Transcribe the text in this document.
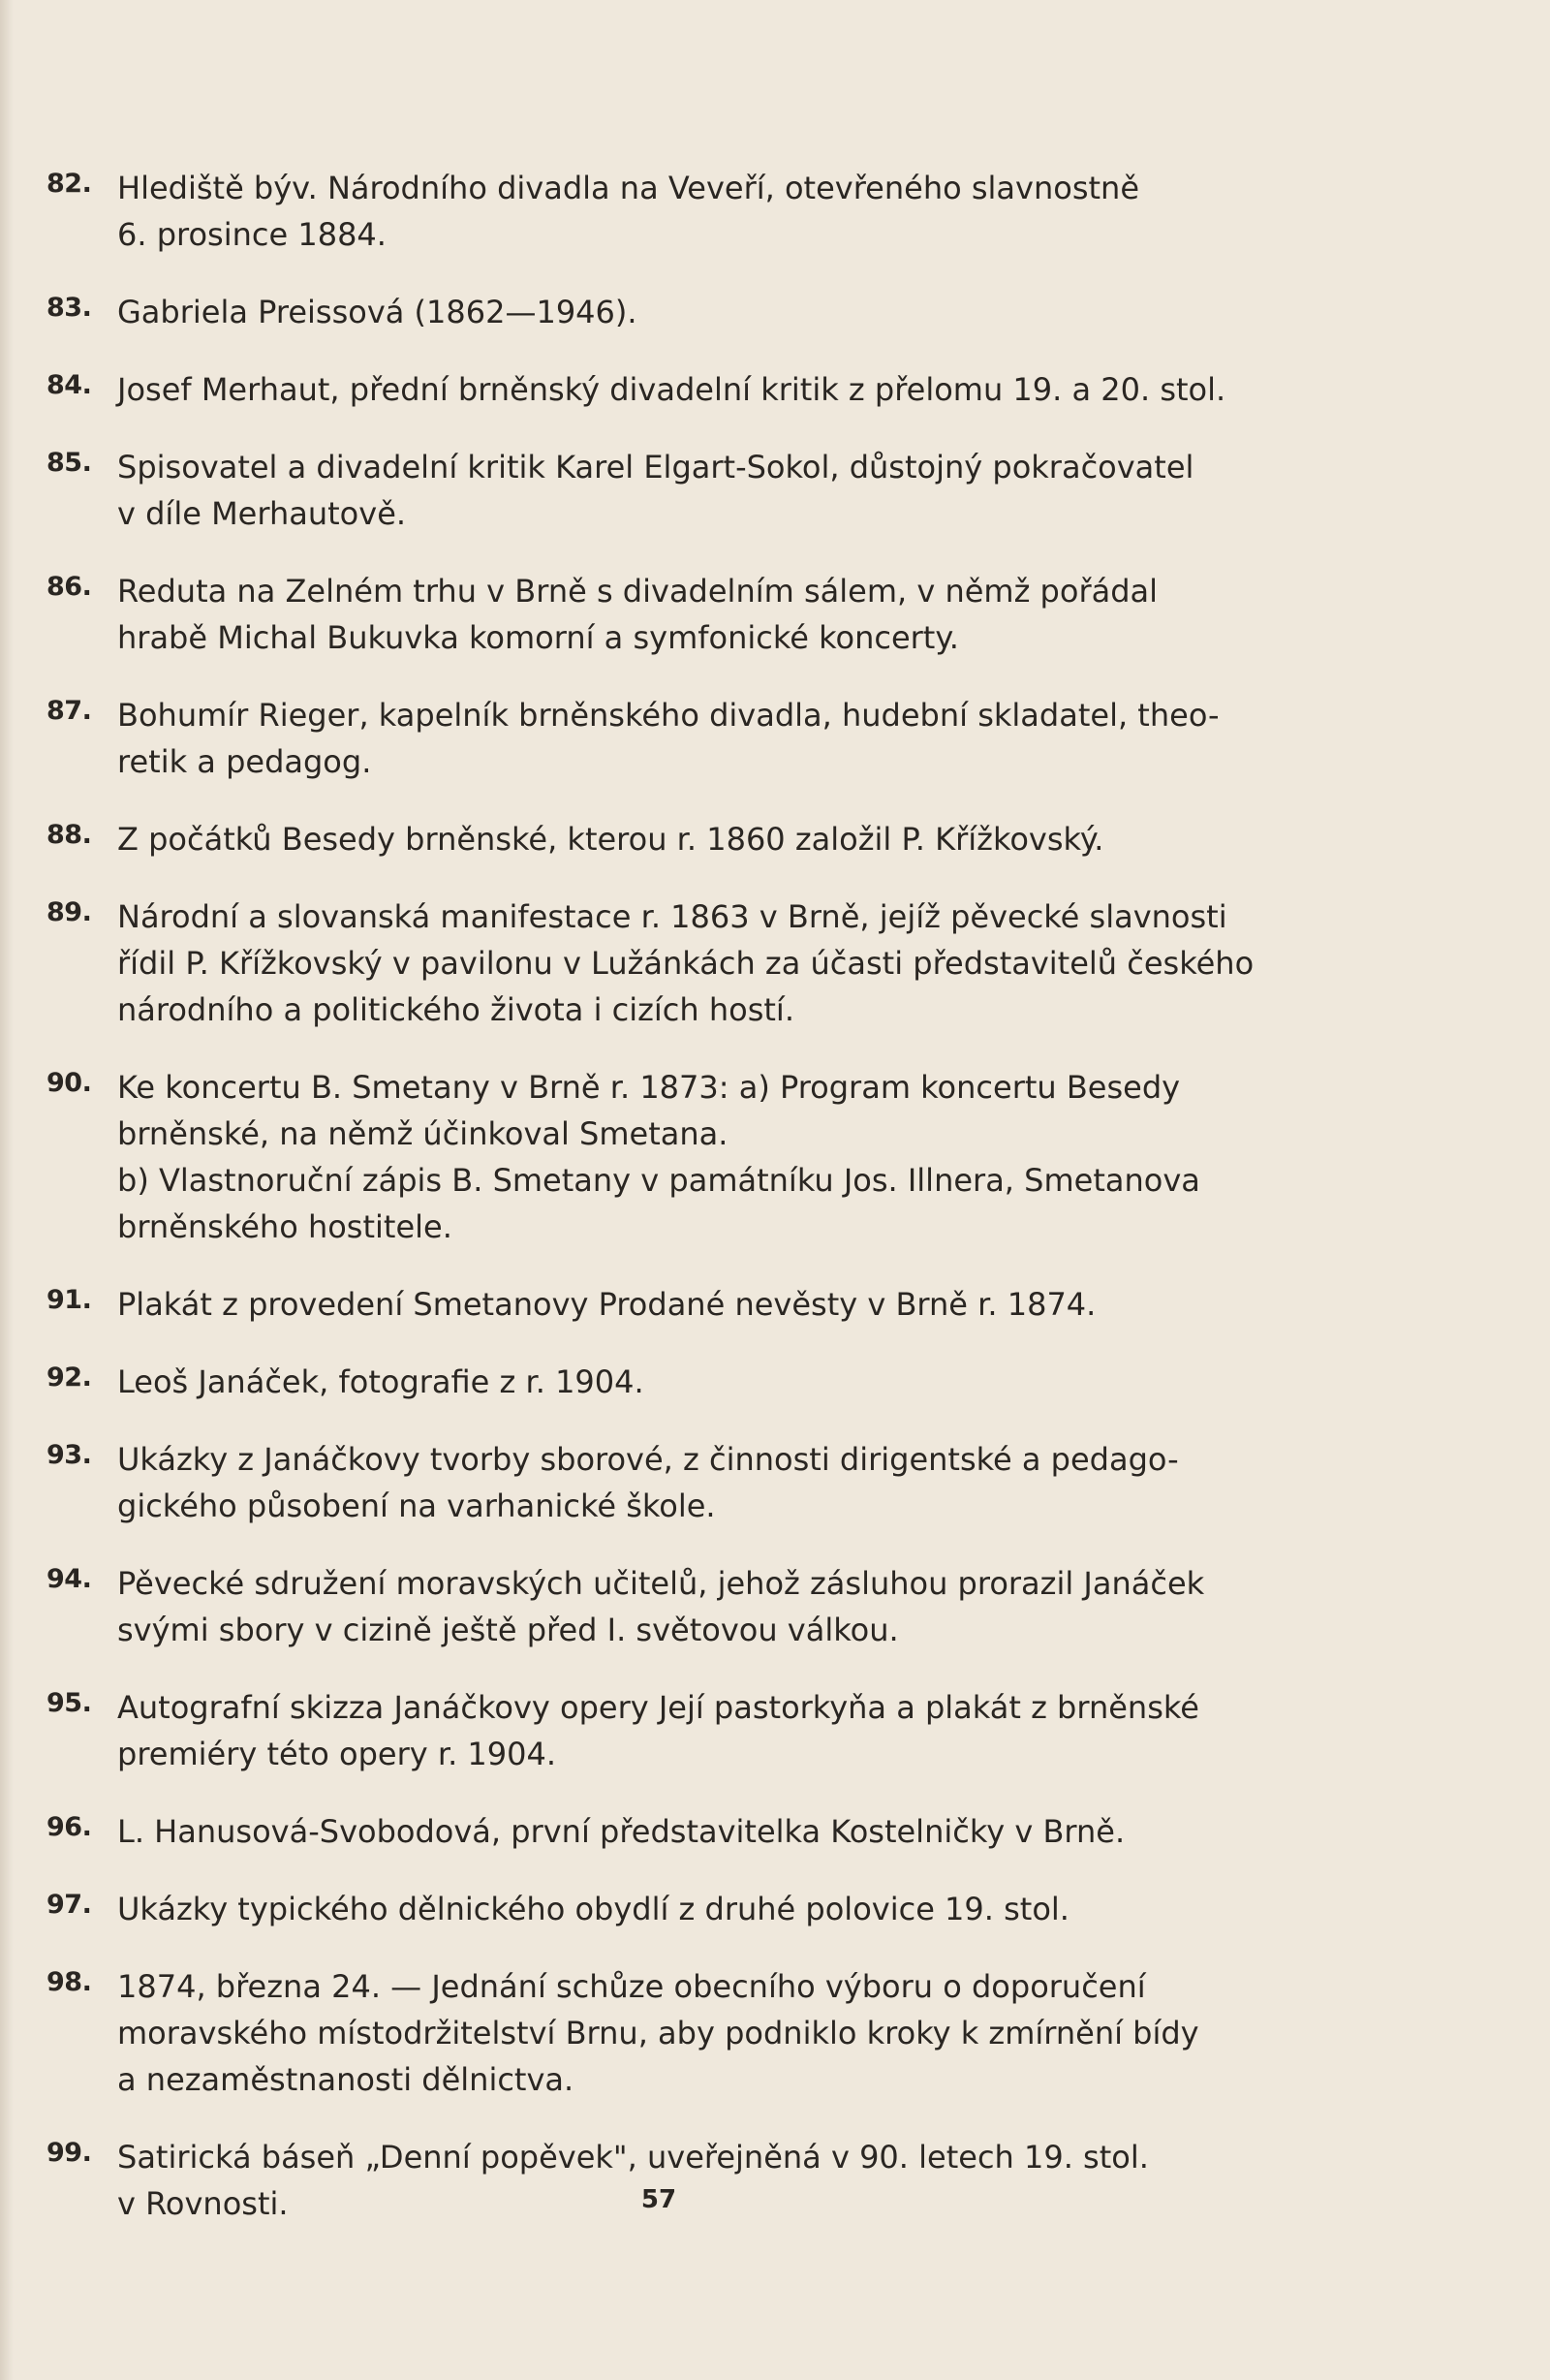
82. Hlediště býv. Národního divadla na Veveří, otevřeného slavnostně
6. prosince 1884.
83. Gabriela Preissová (1862—1946).
84. Josef Merhaut, přední brněnský divadelní kritik z přelomu 19. a 20. stol.
85. Spisovatel a divadelní kritik Karel Elgart-Sokol, důstojný pokračovatel
v díle Merhautově.
86. Reduta na Zelném trhu v Brně s divadelním sálem, v němž pořádal
hrabě Michal Bukuvka komorní a symfonické koncerty.
87. Bohumír Rieger, kapelník brněnského divadla, hudební skladatel, theo-
retik a pedagog.
88. Z počátků Besedy brněnské, kterou r. 1860 založil P. Křížkovský.
89. Národní a slovanská manifestace r. 1863 v Brně, jejíž pěvecké slavnosti
řídil P. Křížkovský v pavilonu v Lužánkách za účasti představitelů českého
národního a politického života i cizích hostí.
90. Ke koncertu B. Smetany v Brně r. 1873: a) Program koncertu Besedy
brněnské, na němž účinkoval Smetana.
b) Vlastnoruční zápis B. Smetany v památníku Jos. Illnera, Smetanova
brněnského hostitele.
91. Plakát z provedení Smetanovy Prodané nevěsty v Brně r. 1874.
92. Leoš Janáček, fotografie z r. 1904.
93. Ukázky z Janáčkovy tvorby sborové, z činnosti dirigentské a pedago-
gického působení na varhanické škole.
94. Pěvecké sdružení moravských učitelů, jehož zásluhou prorazil Janáček
svými sbory v cizině ještě před I. světovou válkou.
95. Autografní skizza Janáčkovy opery Její pastorkyňa a plakát z brněnské
premiéry této opery r. 1904.
96. L. Hanusová-Svobodová, první představitelka Kostelničky v Brně.
97. Ukázky typického dělnického obydlí z druhé polovice 19. stol.
98. 1874, března 24. — Jednání schůze obecního výboru o doporučení
moravského místodržitelství Brnu, aby podniklo kroky k zmírnění bídy
a nezaměstnanosti dělnictva.
99. Satirická báseň „Denní popěvek", uveřejněná v 90. letech 19. stol.
v Rovnosti.	57
